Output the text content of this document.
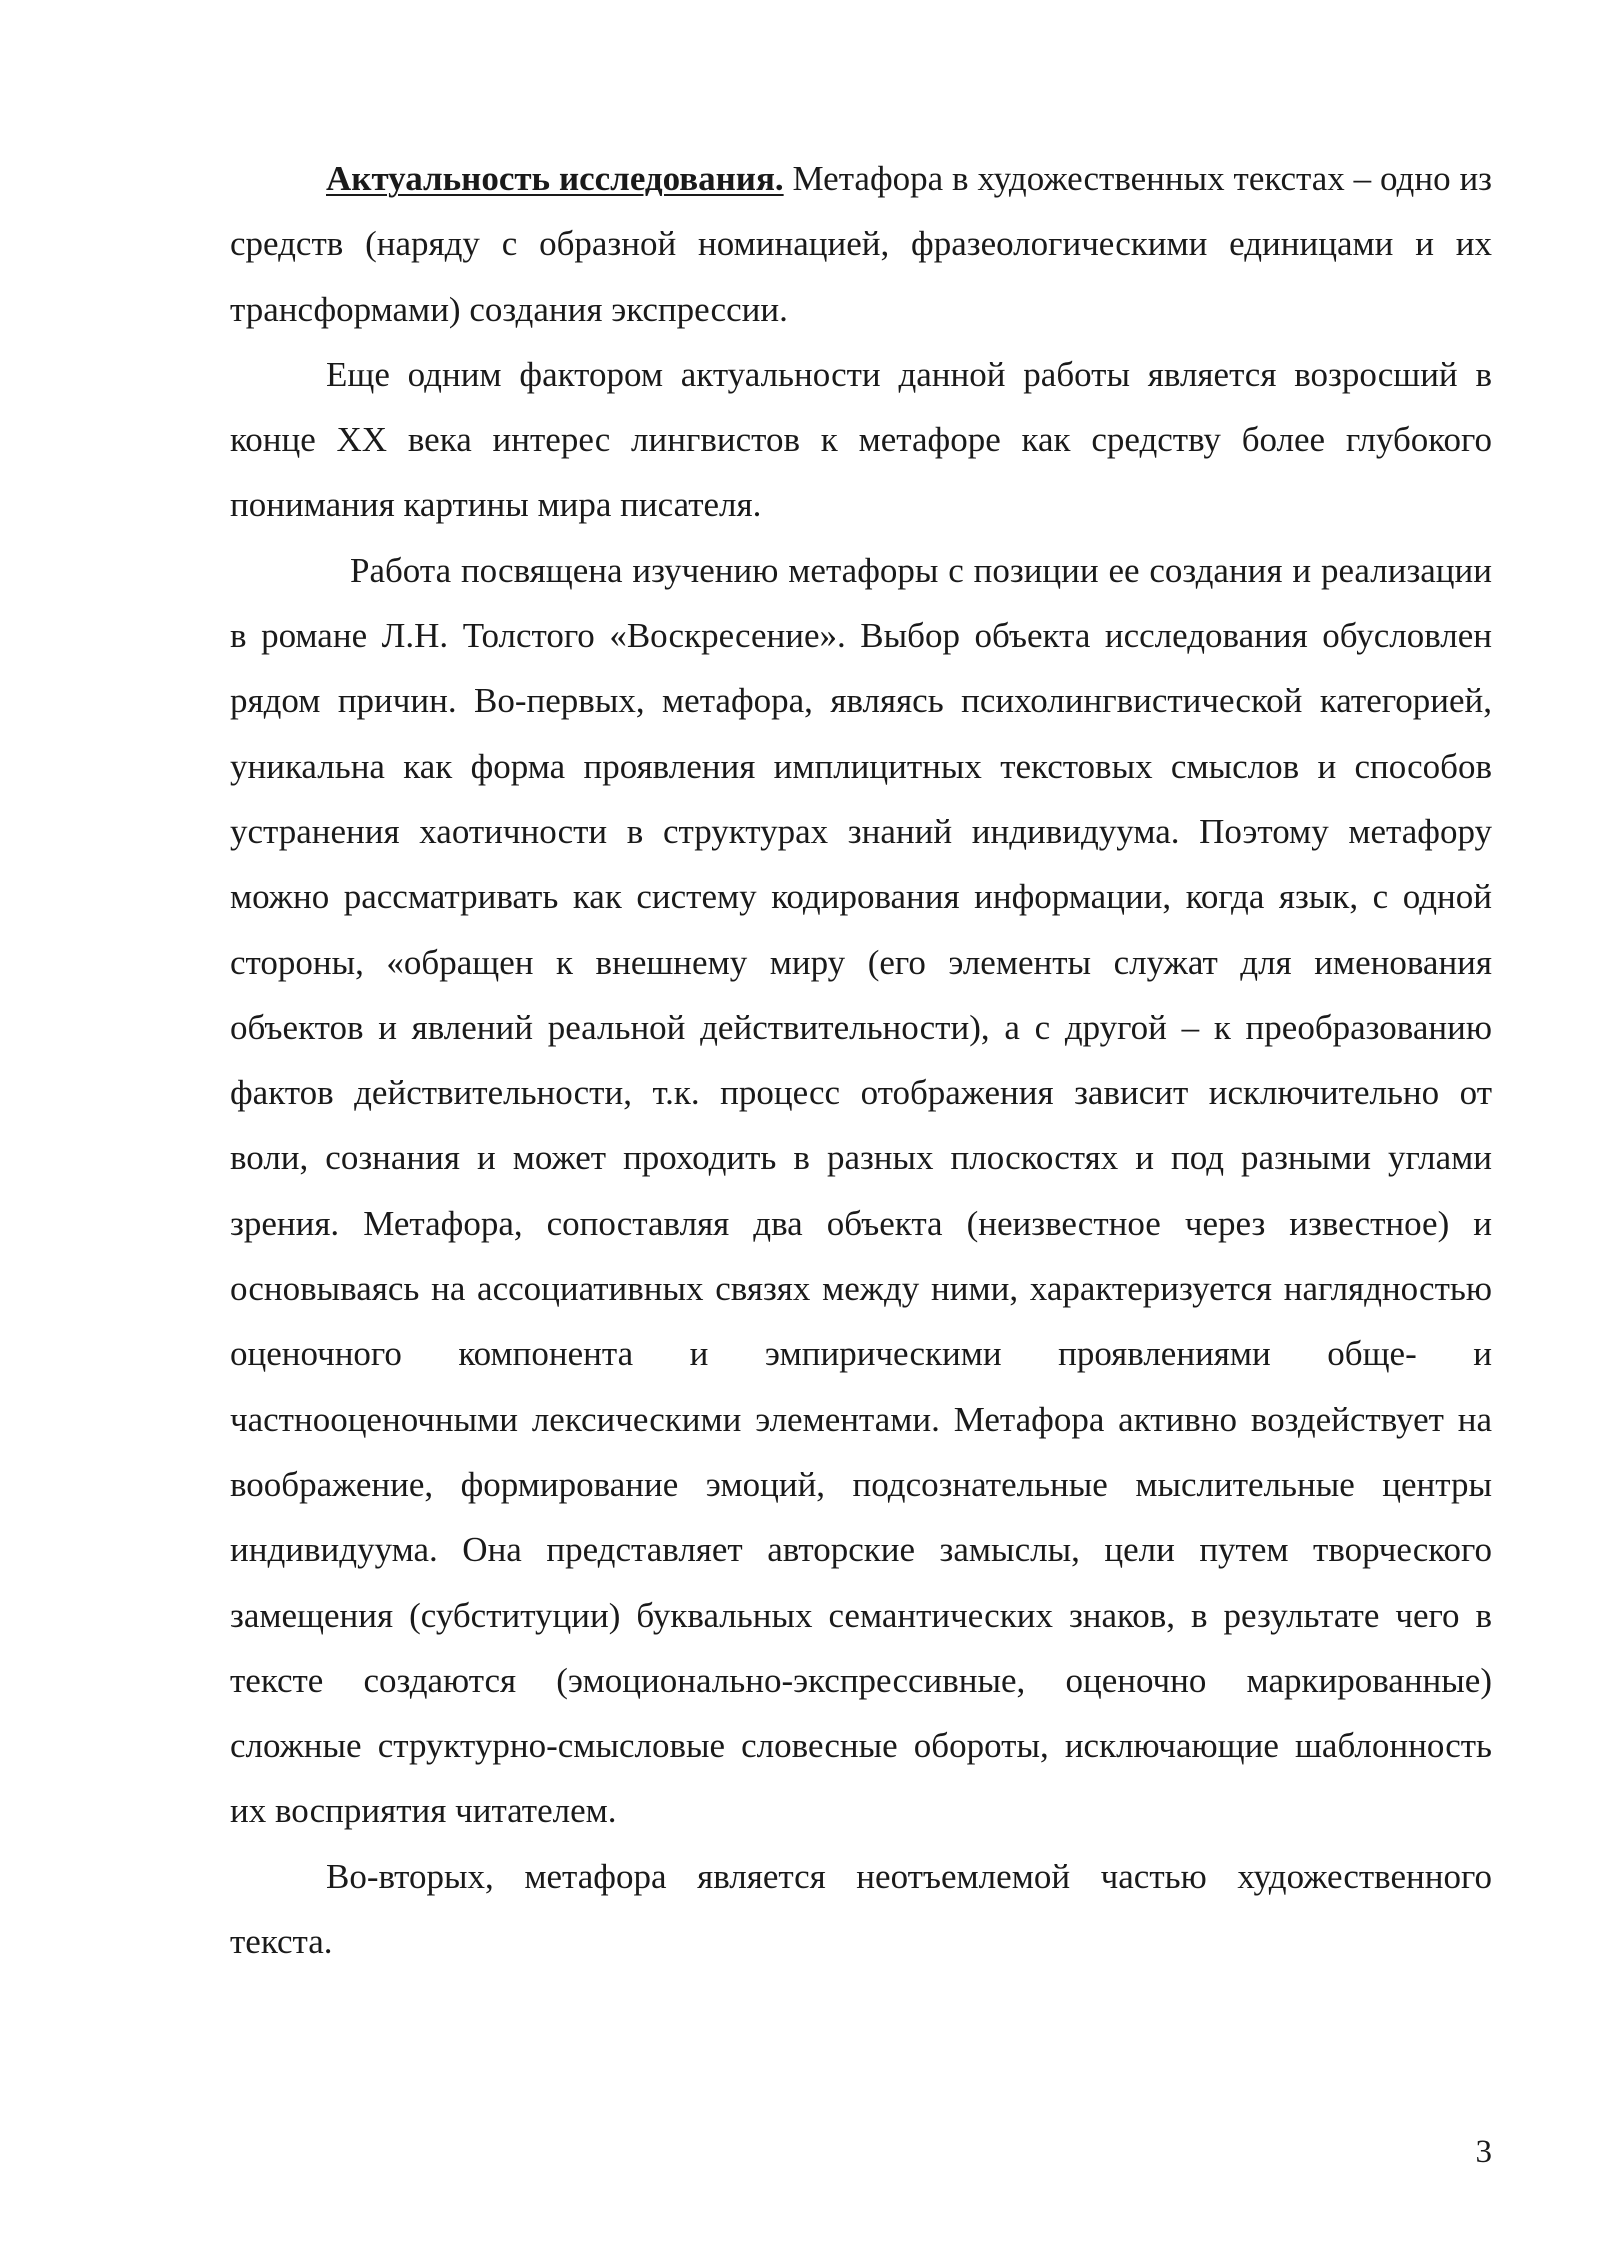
Актуальность исследования. Метафора в художественных текстах – одно из средств (наряду с образной номинацией, фразеологическими единицами и их трансформами) создания экспрессии.

Еще одним фактором актуальности данной работы является возросший в конце XX века интерес лингвистов к метафоре как средству более глубокого понимания картины мира писателя.

Работа посвящена изучению метафоры с позиции ее создания и реализации в романе Л.Н. Толстого «Воскресение». Выбор объекта исследования обусловлен рядом причин. Во-первых, метафора, являясь психолингвистической категорией, уникальна как форма проявления имплицитных текстовых смыслов и способов устранения хаотичности в структурах знаний индивидуума. Поэтому метафору можно рассматривать как систему кодирования информации, когда язык, с одной стороны, «обращен к внешнему миру (его элементы служат для именования объектов и явлений реальной действительности), а с другой – к преобразованию фактов действительности, т.к. процесс отображения зависит исключительно от воли, сознания и может проходить в разных плоскостях и под разными углами зрения. Метафора, сопоставляя два объекта (неизвестное через известное) и основываясь на ассоциативных связях между ними, характеризуется наглядностью оценочного компонента и эмпирическими проявлениями обще- и частнооценочными лексическими элементами. Метафора активно воздействует на воображение, формирование эмоций, подсознательные мыслительные центры индивидуума. Она представляет авторские замыслы, цели путем творческого замещения (субституции) буквальных семантических знаков, в результате чего в тексте создаются (эмоционально-экспрессивные, оценочно маркированные) сложные структурно-смысловые словесные обороты, исключающие шаблонность их восприятия читателем.

Во-вторых, метафора является неотъемлемой частью художественного текста.

3
